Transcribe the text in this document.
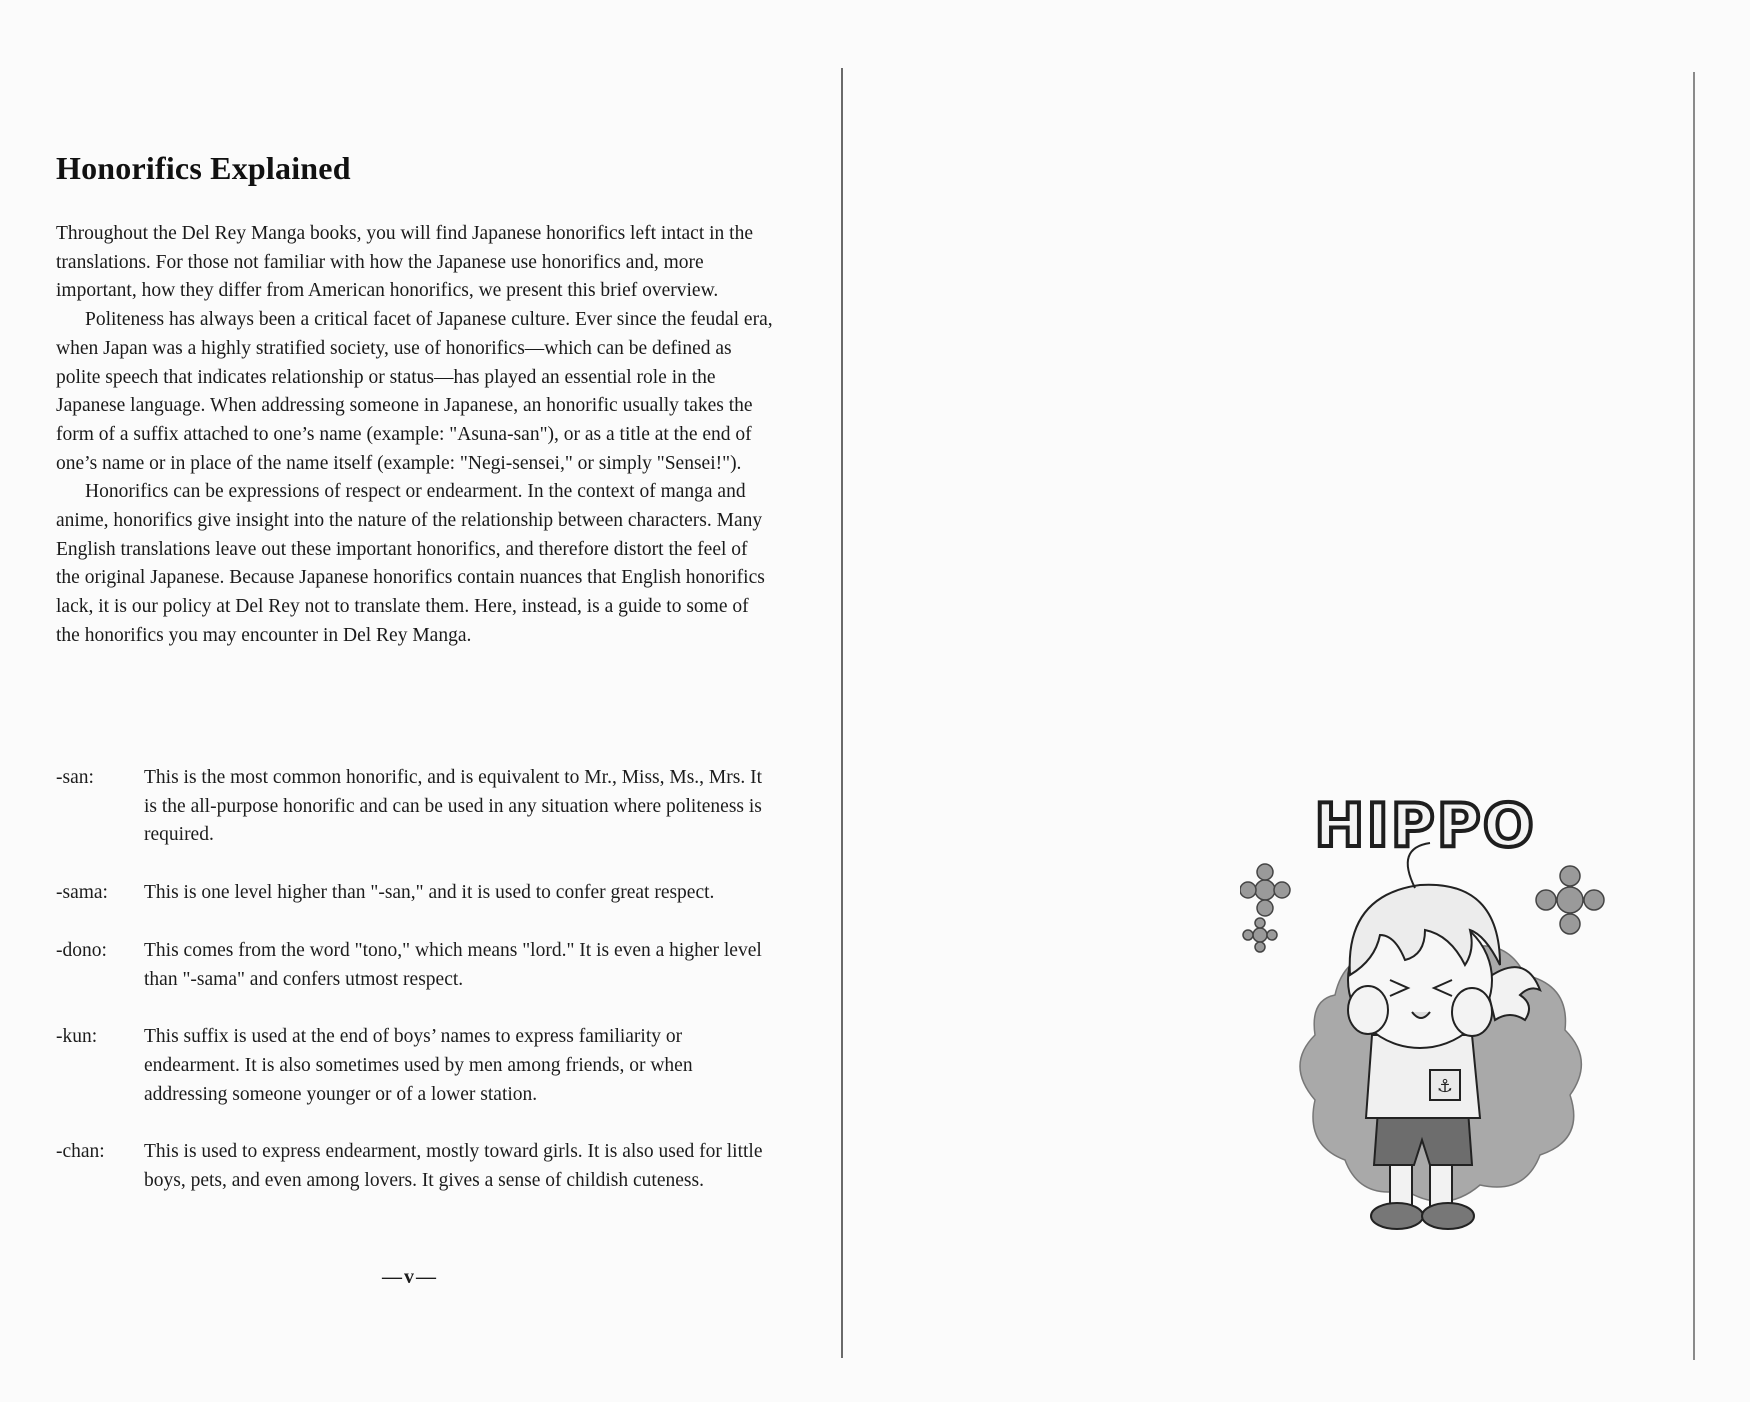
Honorifics Explained

Throughout the Del Rey Manga books, you will find Japanese honorifics left intact in the translations. For those not familiar with how the Japanese use honorifics and, more important, how they differ from American honorifics, we present this brief overview.

Politeness has always been a critical facet of Japanese culture. Ever since the feudal era, when Japan was a highly stratified society, use of honorifics—which can be defined as polite speech that indicates relationship or status—has played an essential role in the Japanese language. When addressing someone in Japanese, an honorific usually takes the form of a suffix attached to one’s name (example: "Asuna-san"), or as a title at the end of one’s name or in place of the name itself (example: "Negi-sensei," or simply "Sensei!").

Honorifics can be expressions of respect or endearment. In the context of manga and anime, honorifics give insight into the nature of the relationship between characters. Many English translations leave out these important honorifics, and therefore distort the feel of the original Japanese. Because Japanese honorifics contain nuances that English honorifics lack, it is our policy at Del Rey not to translate them. Here, instead, is a guide to some of the honorifics you may encounter in Del Rey Manga.

-san:	This is the most common honorific, and is equivalent to Mr., Miss, Ms., Mrs. It is the all-purpose honorific and can be used in any situation where politeness is required.
-sama:	This is one level higher than "-san," and it is used to confer great respect.
-dono:	This comes from the word "tono," which means "lord." It is even a higher level than "-sama" and confers utmost respect.
-kun:	This suffix is used at the end of boys’ names to express familiarity or endearment. It is also sometimes used by men among friends, or when addressing someone younger or of a lower station.
-chan:	This is used to express endearment, mostly toward girls. It is also used for little boys, pets, and even among lovers. It gives a sense of childish cuteness.
—v—
HIPPO
⚓
